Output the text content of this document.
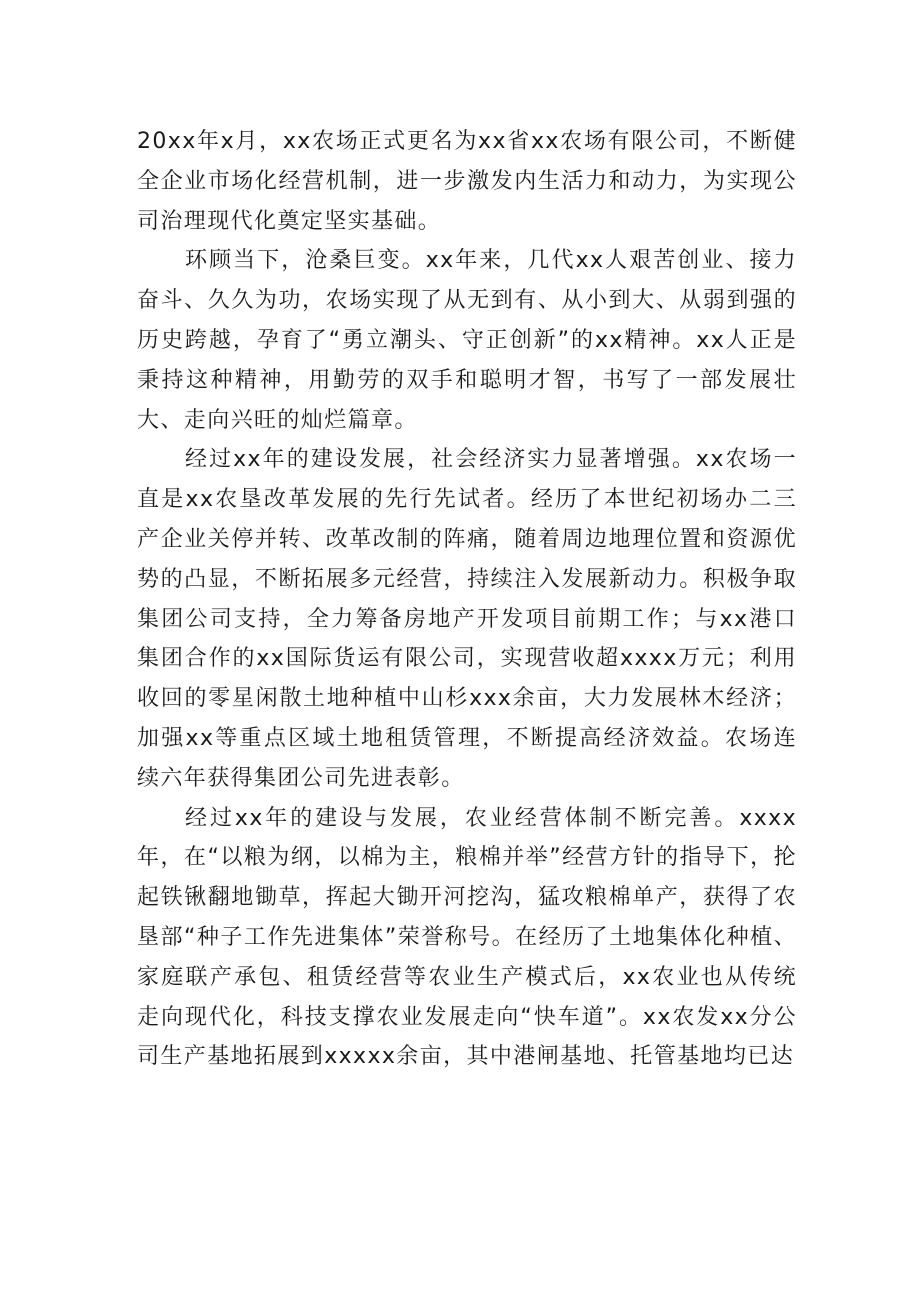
20xx年x月，xx农场正式更名为xx省xx农场有限公司，不断健全企业市场化经营机制，进一步激发内生活力和动力，为实现公司治理现代化奠定坚实基础。

环顾当下，沧桑巨变。xx年来，几代xx人艰苦创业、接力奋斗、久久为功，农场实现了从无到有、从小到大、从弱到强的历史跨越，孕育了“勇立潮头、守正创新”的xx精神。xx人正是秉持这种精神，用勤劳的双手和聪明才智，书写了一部发展壮大、走向兴旺的灿烂篇章。

经过xx年的建设发展，社会经济实力显著增强。xx农场一直是xx农垦改革发展的先行先试者。经历了本世纪初场办二三产企业关停并转、改革改制的阵痛，随着周边地理位置和资源优势的凸显，不断拓展多元经营，持续注入发展新动力。积极争取集团公司支持，全力筹备房地产开发项目前期工作；与xx港口集团合作的xx国际货运有限公司，实现营收超xxxx万元；利用收回的零星闲散土地种植中山杉xxx余亩，大力发展林木经济；加强xx等重点区域土地租赁管理，不断提高经济效益。农场连续六年获得集团公司先进表彰。

经过xx年的建设与发展，农业经营体制不断完善。xxxx年，在“以粮为纲，以棉为主，粮棉并举”经营方针的指导下，抡起铁锹翻地锄草，挥起大锄开河挖沟，猛攻粮棉单产，获得了农垦部“种子工作先进集体”荣誉称号。在经历了土地集体化种植、家庭联产承包、租赁经营等农业生产模式后，xx农业也从传统走向现代化，科技支撑农业发展走向“快车道”。xx农发xx分公司生产基地拓展到xxxxx余亩，其中港闸基地、托管基地均已达
